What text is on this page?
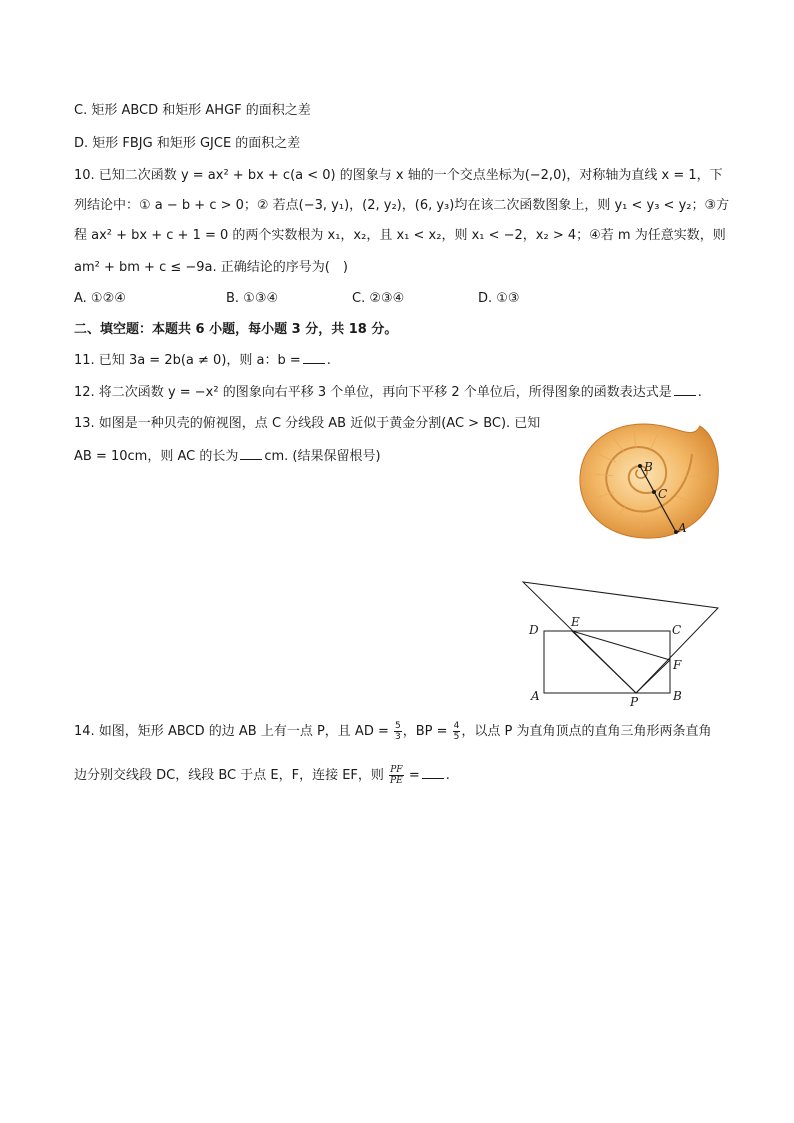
C. 矩形 ABCD 和矩形 AHGF 的面积之差
D. 矩形 FBJG 和矩形 GJCE 的面积之差
10. 已知二次函数 y = ax² + bx + c(a < 0) 的图象与 x 轴的一个交点坐标为(−2,0)，对称轴为直线 x = 1，下
列结论中：① a − b + c > 0；② 若点(−3, y₁)，(2, y₂)，(6, y₃)均在该二次函数图象上，则 y₁ < y₃ < y₂；③方
程 ax² + bx + c + 1 = 0 的两个实数根为 x₁，x₂，且 x₁ < x₂，则 x₁ < −2，x₂ > 4；④若 m 为任意实数，则
am² + bm + c ≤ −9a. 正确结论的序号为(　)
A. ①②④	B. ①③④	C. ②③④	D. ①③
二、填空题：本题共 6 小题，每小题 3 分，共 18 分。
11. 已知 3a = 2b(a ≠ 0)，则 a：b = .
12. 将二次函数 y = −x² 的图象向右平移 3 个单位，再向下平移 2 个单位后，所得图象的函数表达式是 .
13. 如图是一种贝壳的俯视图，点 C 分线段 AB 近似于黄金分割(AC > BC). 已知
AB = 10cm，则 AC 的长为 cm. (结果保留根号)
B
C
A
D
E
C
F
A	P	B
14. 如图，矩形 ABCD 的边 AB 上有一点 P，且 AD = $\frac{5}{3}$ ，BP = $\frac{4}{5}$ ，以点 P 为直角顶点的直角三角形两条直角
边分别交线段 DC，线段 BC 于点 E，F，连接 EF，则 $\frac{PF}{PE}$ = .
